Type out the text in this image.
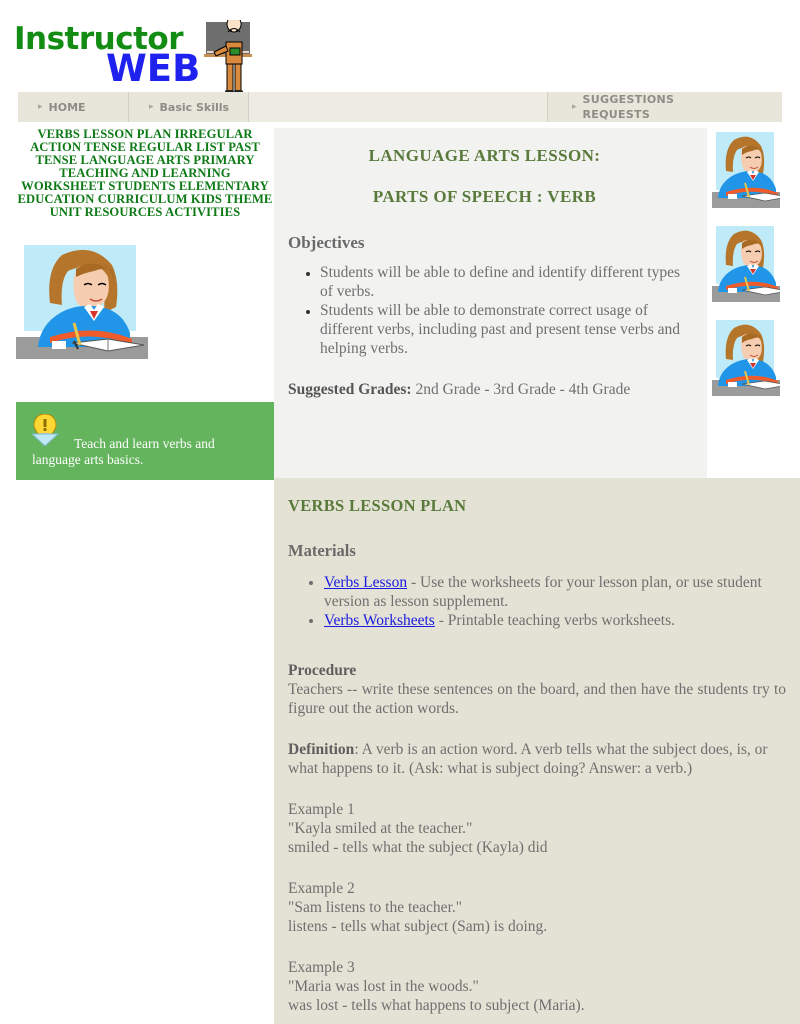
Instructor
WEB
▸ HOME	▸ Basic Skills	▸
SUGGESTIONS
REQUESTS
VERBS LESSON PLAN IRREGULAR ACTION TENSE REGULAR LIST PAST TENSE LANGUAGE ARTS PRIMARY TEACHING AND LEARNING WORKSHEET STUDENTS ELEMENTARY EDUCATION CURRICULUM KIDS THEME UNIT RESOURCES ACTIVITIES
Teach and learn verbs and language arts basics.
LANGUAGE ARTS LESSON:
PARTS OF SPEECH : VERB
Objectives
• Students will be able to define and identify different types of verbs.
• Students will be able to demonstrate correct usage of different verbs, including past and present tense verbs and helping verbs.

Suggested Grades: 2nd Grade - 3rd Grade - 4th Grade

VERBS LESSON PLAN
Materials
• Verbs Lesson - Use the worksheets for your lesson plan, or use student version as lesson supplement.
• Verbs Worksheets - Printable teaching verbs worksheets.
Procedure

Teachers -- write these sentences on the board, and then have the students try to figure out the action words.

Definition: A verb is an action word. A verb tells what the subject does, is, or what happens to it. (Ask: what is subject doing? Answer: a verb.)
Example 1
"Kayla smiled at the teacher."
smiled - tells what the subject (Kayla) did
Example 2
"Sam listens to the teacher."
listens - tells what subject (Sam) is doing.
Example 3
"Maria was lost in the woods."
was lost - tells what happens to subject (Maria).
